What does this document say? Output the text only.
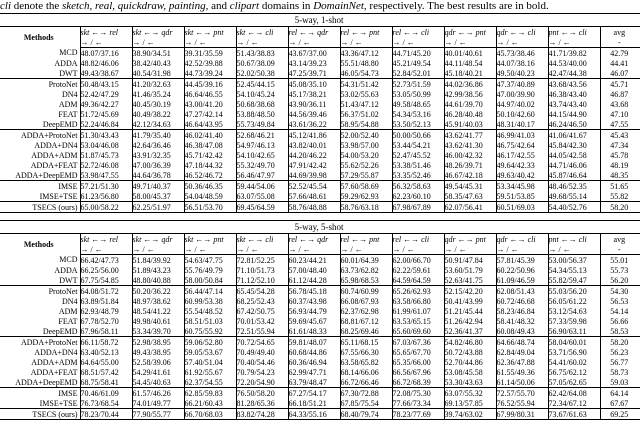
cli denote the sketch, real, quickdraw, painting, and clipart domains in DomainNet, respectively. The best results are in bold.
5-way, 1-shot											
Methods	skt ←→ rel	skt ←→ qdr	skt ←→ pnt	skt ←→ cli	rel ←→ qdr	rel ←→ pnt	rel ←→ cli	qdr ←→ pnt	qdr ←→ cli	pnt ←→ cli	avg
	→ / ←	→ / ←	→ / ←	→ / ←	→ / ←	→ / ←	→ / ←	→ / ←	→ / ←	→ / ←	-
MCD	48.07/37.16	38.90/34.51	39.31/35.59	51.43/38.83	43.67/37.00	43.36/47.12	44.71/45.20	40.01/40.61	45.73/38.46	41.71/39.82	42.79
ADDA	48.82/46.06	38.42/40.43	42.52/39.88	50.67/38.09	43.14/39.23	55.51/48.80	45.21/49.54	44.11/48.54	44.07/38.16	44.53/40.00	44.41
DWT	49.43/38.67	40.54/31.98	44.73/39.24	52.02/50.38	47.25/39.71	46.05/54.73	52.84/52.01	45.18/40.21	49.50/40.23	42.47/44.38	46.07
ProtoNet	50.48/43.15	41.20/32.63	44.45/39.16	52.45/44.15	45.08/35.10	54.31/51.42	52.73/51.59	44.02/36.86	47.37/40.89	43.68/43.56	45.71
DN4	52.42/47.29	41.46/35.24	46.64/46.55	54.10/45.24	45.17/38.21	53.02/55.63	53.05/50.99	42.99/38.56	47.00/39.90	46.38/43.40	46.87
ADM	49.36/42.27	40.45/30.19	43.00/41.20	50.68/38.68	43.90/36.11	51.43/47.12	49.58/48.65	44.61/39.70	44.97/40.02	43.74/43.40	43.68
FEAT	51.72/45.69	40.49/38.22	47.27/42.14	53.88/48.50	44.56/39.46	56.37/51.02	54.34/53.16	46.28/40.48	50.10/42.60	44.15/44.90	47.10
DeepEMD	52.24/46.84	42.12/34.63	46.64/43.95	55.73/49.84	43.61/36.22	58.95/54.88	53.50/52.13	45.91/40.03	48.31/40.17	46.24/46.50	47.55
ADDA+ProtoNet	51.30/43.43	41.79/35.40	46.02/41.40	52.68/46.21	45.12/41.86	52.00/52.40	50.00/50.66	43.62/41.77	46.99/41.03	41.06/41.67	45.43
ADDA+DN4	53.04/46.08	42.64/36.46	46.38/47.08	54.97/46.13	43.82/40.01	53.98/57.00	53.44/54.21	43.62/41.30	46.75/42.64	45.84/42.30	47.34
ADDA+ADM	51.87/45.73	43.91/32.35	45.71/42.42	54.10/42.65	44.20/46.22	54.00/53.20	52.47/45.52	46.00/42.32	46.17/42.55	44.05/42.58	45.78
ADDA+FEAT	52.72/46.08	47.00/36.39	47.18/44.32	55.32/49.70	47.91/42.42	55.62/52.26	53.38/51.46	48.26/39.71	49.64/42.33	44.71/46.06	48.19
ADDA+DeepEMD	53.98/47.55	44.64/36.78	46.52/46.72	56.46/47.97	44.69/39.98	57.29/55.87	53.35/52.46	46.67/42.18	49.63/40.42	45.87/46.64	48.35
IMSE	57.21/51.30	49.71/40.37	50.36/46.35	59.44/54.06	52.52/45.54	57.60/58.69	56.32/58.63	49.54/45.31	53.34/45.98	48.46/52.35	51.65
IMSE+TSE	61.23/56.80	58.00/45.37	54.04/48.59	63.07/55.08	57.66/48.61	59.29/62.93	62.23/60.10	58.35/47.63	59.51/53.85	49.68/55.14	55.82
TSECS (ours)	65.00/58.22	62.25/51.97	56.51/53.70	69.45/64.59	58.76/48.88	58.76/63.18	67.98/67.89	62.07/56.41	60.51/69.03	54.40/52.76	58.20
5-way, 5-shot											
Methods	skt ←→ rel	skt ←→ qdr	skt ←→ pnt	skt ←→ cli	rel ←→ qdr	rel ←→ pnt	rel ←→ cli	qdr ←→ pnt	qdr ←→ cli	pnt ←→ cli	avg
	→ / ←	→ / ←	→ / ←	→ / ←	→ / ←	→ / ←	→ / ←	→ / ←	→ / ←	→ / ←	-
MCD	66.42/47.73	51.84/39.92	54.63/47.75	72.81/52.25	60.23/44.21	60.01/64.39	62.00/66.70	50.91/47.84	57.81/45.39	53.00/56.37	55.01
ADDA	66.25/56.00	51.89/43.23	55.76/49.79	71.10/51.73	57.00/48.40	63.73/62.82	62.22/59.61	53.60/51.79	60.22/50.96	54.34/55.13	55.73
DWT	67.75/54.85	48.80/40.88	58.00/50.84	71.12/52.10	61.12/44.28	65.98/68.53	64.59/64.59	52.63/41.75	61.09/46.59	55.82/59.47	56.20
ProtoNet	64.08/51.72	50.20/36.22	56.44/47.14	65.45/54.28	56.78/45.18	60.74/60.99	65.26/62.93	52.15/42.20	62.08/51.43	55.03/56.20	54.30
DN4	63.89/51.84	48.97/38.62	60.99/53.38	68.25/52.43	60.37/43.98	66.08/67.93	63.58/66.80	50.41/43.99	60.72/46.68	56.05/61.22	56.53
ADM	62.93/48.79	48.54/41.22	55.54/48.52	67.42/50.75	56.93/44.79	62.37/62.98	61.99/61.07	51.21/45.44	58.23/46.84	53.12/54.63	54.14
FEAT	67.78/52.70	49.98/40.61	58.51/51.03	70.01/53.42	59.69/45.67	68.81/67.12	63.53/65.15	51.26/42.94	58.41/48.32	57.33/59.98	56.66
DeepEMD	67.96/58.11	53.34/39.70	60.75/55.92	72.51/55.94	61.61/48.33	68.25/69.46	65.60/69.60	52.36/41.37	60.08/49.43	56.90/63.11	58.53
ADDA+ProtoNet	66.11/58.72	52.98/38.95	59.06/52.80	70.72/54.65	59.81/48.07	65.11/68.15	67.03/67.36	54.82/46.80	64.66/48.74	58.04/60.01	58.20
ADDA+DN4	63.40/52.13	49.43/38.95	59.05/53.67	70.49/49.40	60.68/44.86	67.55/66.30	65.65/67.70	50.72/43.88	62.84/49.04	53.71/56.90	56.23
ADDA+ADM	64.64/55.00	52.58/39.06	57.40/51.04	70.40/54.46	60.36/46.94	63.58/65.82	65.35/66.00	52.70/44.86	62.36/47.88	54.41/60.02	56.77
ADDA+FEAT	68.51/57.42	54.29/41.61	61.92/55.67	70.79/54.23	62.99/47.71	68.14/66.06	66.56/67.96	53.08/45.58	61.55/49.36	56.75/62.12	58.73
ADDA+DeepEMD	68.75/58.41	54.45/40.63	62.37/54.55	72.20/54.90	63.79/48.47	66.72/66.46	66.72/68.39	53.30/43.63	61.14/50.06	57.05/62.65	59.03
IMSE	70.46/61.09	61.57/46.26	62.85/59.83	76.50/58.20	67.27/54.17	67.30/72.88	72.08/75.30	63.07/55.32	72.57/55.70	62.42/64.08	64.14
IMSE+TSE	76.73/68.54	74.01/49.77	66.21/60.43	81.28/65.36	66.18/51.21	67.85/75.54	77.66/73.34	69.13/57.85	76.52/55.94	72.34/67.12	67.67
TSECS (ours)	78.23/70.44	77.90/55.77	66.70/68.03	83.82/74.28	64.33/55.16	68.40/79.74	78.23/77.69	39.74/63.02	67.99/80.31	73.67/61.63	69.25
